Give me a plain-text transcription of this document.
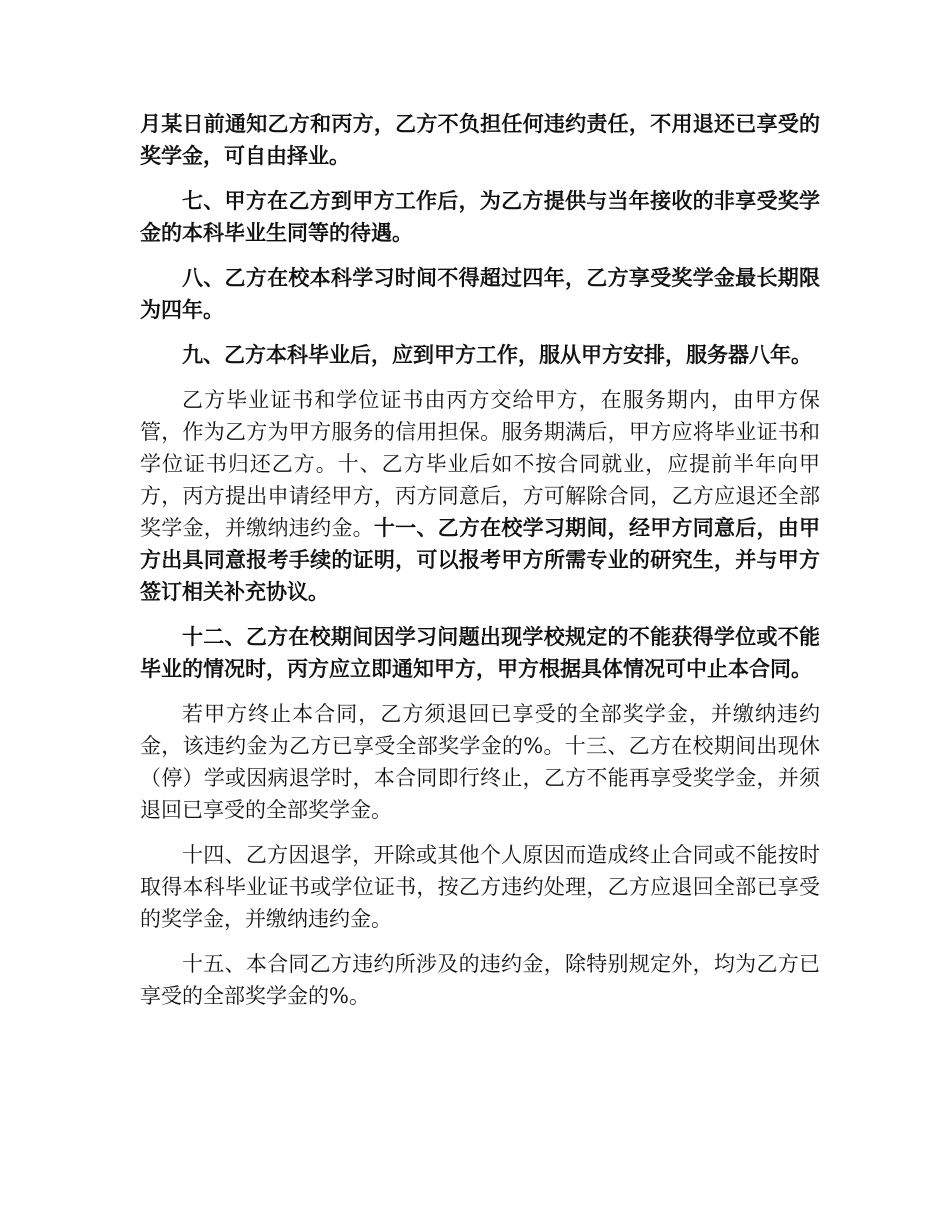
月某日前通知乙方和丙方，乙方不负担任何违约责任，不用退还已享受的奖学金，可自由择业。

七、甲方在乙方到甲方工作后，为乙方提供与当年接收的非享受奖学金的本科毕业生同等的待遇。

八、乙方在校本科学习时间不得超过四年，乙方享受奖学金最长期限为四年。

九、乙方本科毕业后，应到甲方工作，服从甲方安排，服务器八年。

乙方毕业证书和学位证书由丙方交给甲方，在服务期内，由甲方保管，作为乙方为甲方服务的信用担保。服务期满后，甲方应将毕业证书和学位证书归还乙方。十、乙方毕业后如不按合同就业，应提前半年向甲方，丙方提出申请经甲方，丙方同意后，方可解除合同，乙方应退还全部奖学金，并缴纳违约金。十一、乙方在校学习期间，经甲方同意后，由甲方出具同意报考手续的证明，可以报考甲方所需专业的研究生，并与甲方签订相关补充协议。

十二、乙方在校期间因学习问题出现学校规定的不能获得学位或不能毕业的情况时，丙方应立即通知甲方，甲方根据具体情况可中止本合同。

若甲方终止本合同，乙方须退回已享受的全部奖学金，并缴纳违约金，该违约金为乙方已享受全部奖学金的%。十三、乙方在校期间出现休（停）学或因病退学时，本合同即行终止，乙方不能再享受奖学金，并须退回已享受的全部奖学金。

十四、乙方因退学，开除或其他个人原因而造成终止合同或不能按时取得本科毕业证书或学位证书，按乙方违约处理，乙方应退回全部已享受的奖学金，并缴纳违约金。

十五、本合同乙方违约所涉及的违约金，除特别规定外，均为乙方已享受的全部奖学金的%。
